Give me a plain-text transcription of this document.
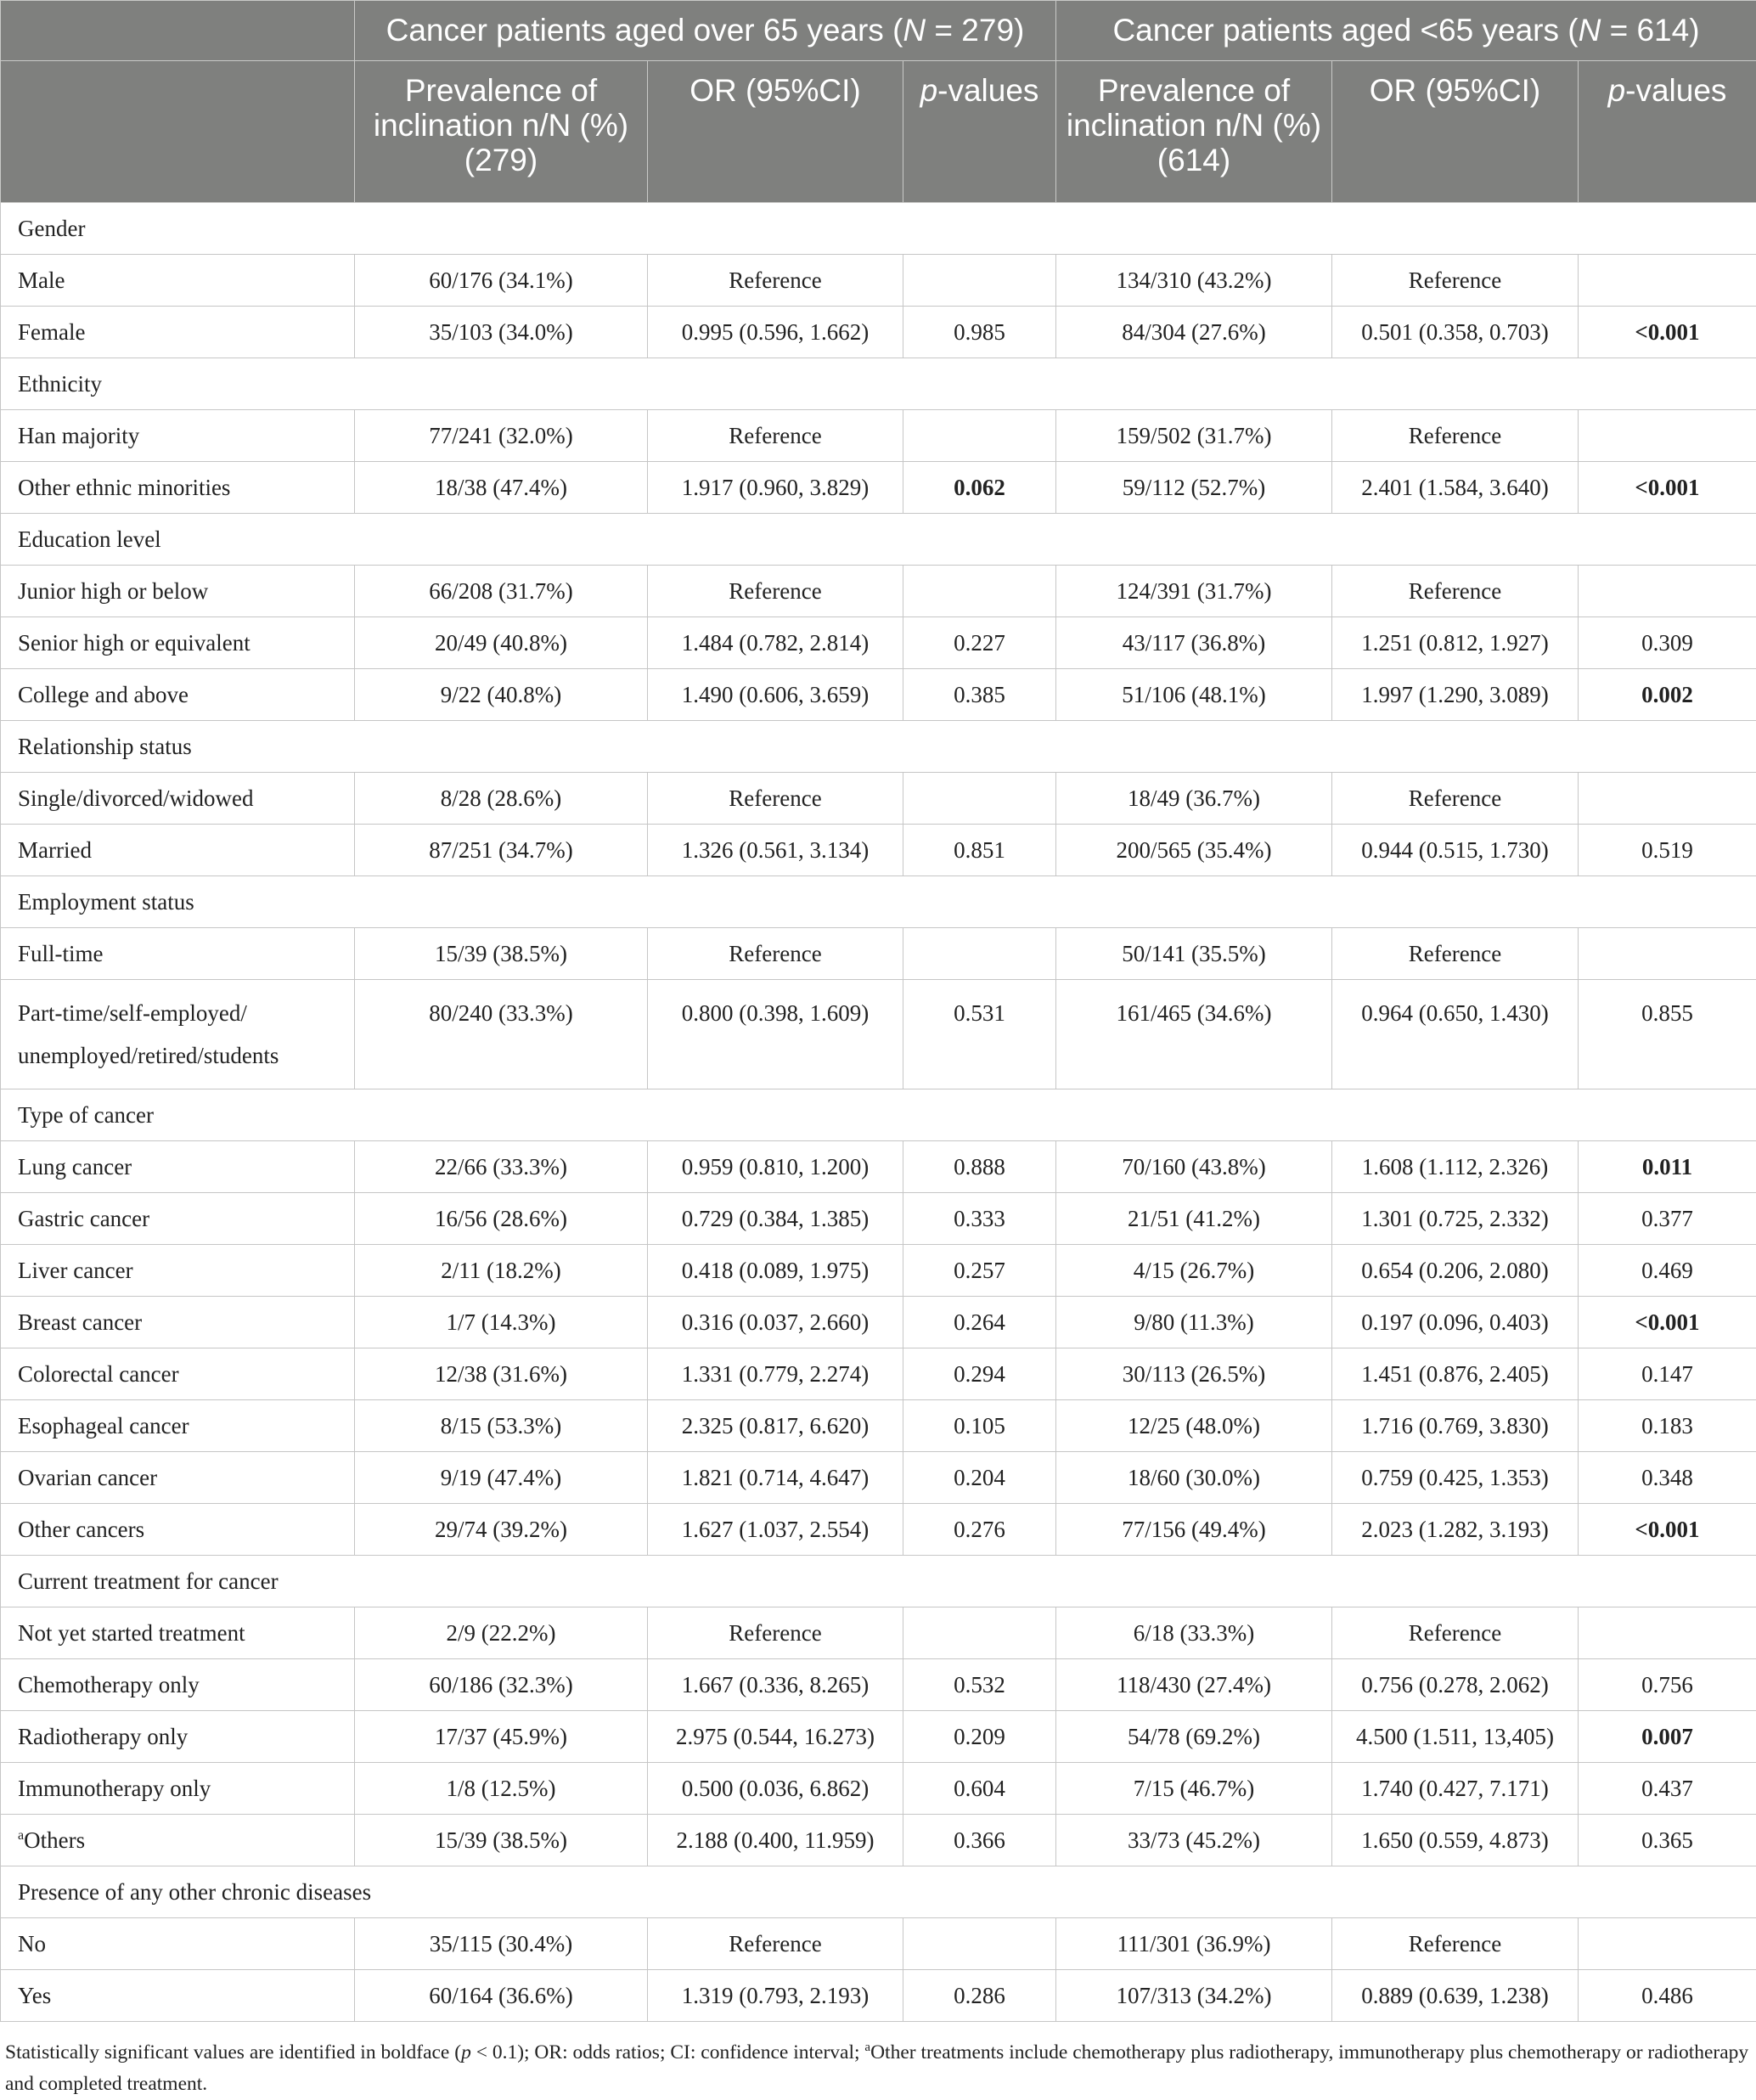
	Cancer patients aged over 65 years (N = 279)			Cancer patients aged <65 years (N = 614)		
	Prevalence of inclination n/N (%) (279)	OR (95%CI)	p-values	Prevalence of inclination n/N (%) (614)	OR (95%CI)	p-values
Gender						
Male	60/176 (34.1%)	Reference		134/310 (43.2%)	Reference	
Female	35/103 (34.0%)	0.995 (0.596, 1.662)	0.985	84/304 (27.6%)	0.501 (0.358, 0.703)	<0.001
Ethnicity						
Han majority	77/241 (32.0%)	Reference		159/502 (31.7%)	Reference	
Other ethnic minorities	18/38 (47.4%)	1.917 (0.960, 3.829)	0.062	59/112 (52.7%)	2.401 (1.584, 3.640)	<0.001
Education level						
Junior high or below	66/208 (31.7%)	Reference		124/391 (31.7%)	Reference	
Senior high or equivalent	20/49 (40.8%)	1.484 (0.782, 2.814)	0.227	43/117 (36.8%)	1.251 (0.812, 1.927)	0.309
College and above	9/22 (40.8%)	1.490 (0.606, 3.659)	0.385	51/106 (48.1%)	1.997 (1.290, 3.089)	0.002
Relationship status						
Single/divorced/widowed	8/28 (28.6%)	Reference		18/49 (36.7%)	Reference	
Married	87/251 (34.7%)	1.326 (0.561, 3.134)	0.851	200/565 (35.4%)	0.944 (0.515, 1.730)	0.519
Employment status						
Full-time	15/39 (38.5%)	Reference		50/141 (35.5%)	Reference	
Part-time/self-employed/ unemployed/retired/students	80/240 (33.3%)	0.800 (0.398, 1.609)	0.531	161/465 (34.6%)	0.964 (0.650, 1.430)	0.855
Type of cancer						
Lung cancer	22/66 (33.3%)	0.959 (0.810, 1.200)	0.888	70/160 (43.8%)	1.608 (1.112, 2.326)	0.011
Gastric cancer	16/56 (28.6%)	0.729 (0.384, 1.385)	0.333	21/51 (41.2%)	1.301 (0.725, 2.332)	0.377
Liver cancer	2/11 (18.2%)	0.418 (0.089, 1.975)	0.257	4/15 (26.7%)	0.654 (0.206, 2.080)	0.469
Breast cancer	1/7 (14.3%)	0.316 (0.037, 2.660)	0.264	9/80 (11.3%)	0.197 (0.096, 0.403)	<0.001
Colorectal cancer	12/38 (31.6%)	1.331 (0.779, 2.274)	0.294	30/113 (26.5%)	1.451 (0.876, 2.405)	0.147
Esophageal cancer	8/15 (53.3%)	2.325 (0.817, 6.620)	0.105	12/25 (48.0%)	1.716 (0.769, 3.830)	0.183
Ovarian cancer	9/19 (47.4%)	1.821 (0.714, 4.647)	0.204	18/60 (30.0%)	0.759 (0.425, 1.353)	0.348
Other cancers	29/74 (39.2%)	1.627 (1.037, 2.554)	0.276	77/156 (49.4%)	2.023 (1.282, 3.193)	<0.001
Current treatment for cancer						
Not yet started treatment	2/9 (22.2%)	Reference		6/18 (33.3%)	Reference	
Chemotherapy only	60/186 (32.3%)	1.667 (0.336, 8.265)	0.532	118/430 (27.4%)	0.756 (0.278, 2.062)	0.756
Radiotherapy only	17/37 (45.9%)	2.975 (0.544, 16.273)	0.209	54/78 (69.2%)	4.500 (1.511, 13,405)	0.007
Immunotherapy only	1/8 (12.5%)	0.500 (0.036, 6.862)	0.604	7/15 (46.7%)	1.740 (0.427, 7.171)	0.437
$^a$Others	15/39 (38.5%)	2.188 (0.400, 11.959)	0.366	33/73 (45.2%)	1.650 (0.559, 4.873)	0.365
Presence of any other chronic diseases						
No	35/115 (30.4%)	Reference		111/301 (36.9%)	Reference	
Yes	60/164 (36.6%)	1.319 (0.793, 2.193)	0.286	107/313 (34.2%)	0.889 (0.639, 1.238)	0.486
Statistically significant values are identified in boldface (p < 0.1); OR: odds ratios; CI: confidence interval; $^a$Other treatments include chemotherapy plus radiotherapy, immunotherapy plus chemotherapy or radiotherapy and completed treatment.
